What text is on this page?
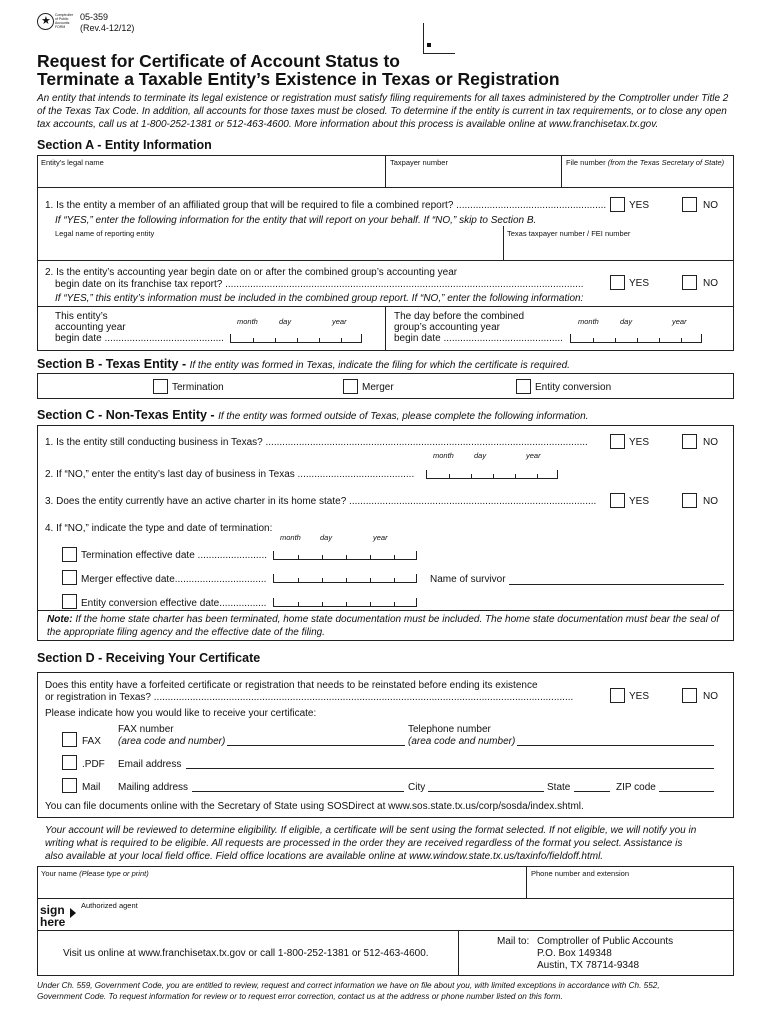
★ Comptroller of Public Accounts FORM
05-359
(Rev.4-12/12)
Request for Certificate of Account Status to
Terminate a Taxable Entity’s Existence in Texas or Registration
An entity that intends to terminate its legal existence or registration must satisfy filing requirements for all taxes administered by the Comptroller under Title 2
of the Texas Tax Code. In addition, all accounts for those taxes must be closed. To determine if the entity is current in tax requirements, or to close any open
tax accounts, call us at 1-800-252-1381 or 512-463-4600. More information about this process is available online at www.franchisetax.tx.gov.
Section A - Entity Information
Entity’s legal name	Taxpayer number	File number (from the Texas Secretary of State)
1. Is the entity a member of an affiliated group that will be required to file a combined report? ...................................................... YES	NO
If “YES,” enter the following information for the entity that will report on your behalf. If “NO,” skip to Section B.
Legal name of reporting entity	Texas taxpayer number / FEI number
2. Is the entity’s accounting year begin date on or after the combined group’s accounting year
begin date on its franchise tax report? .................................................................................................................................	YES	NO
If “YES,” this entity’s information must be included in the combined group report. If “NO,” enter the following information:
This entity’s
accounting year
begin date ...........................................
month	day	year	The day before the combined
group’s accounting year
begin date ...........................................
month	day	year
Section B - Texas Entity - If the entity was formed in Texas, indicate the filing for which the certificate is required.
Termination	Merger	Entity conversion
Section C - Non-Texas Entity - If the entity was formed outside of Texas, please complete the following information.
1. Is the entity still conducting business in Texas? ....................................................................................................................	YES	NO
month	day	year
2. If “NO,” enter the entity’s last day of business in Texas ..........................................
3. Does the entity currently have an active charter in its home state? .........................................................................................	YES	NO
4. If “NO,” indicate the type and date of termination:
month	day	year
Termination effective date .........................
Merger effective date.................................	Name of survivor
Entity conversion effective date.................
Note: If the home state charter has been terminated, home state documentation must be included. The home state documentation must bear the seal of
the appropriate filing agency and the effective date of the filing.
Section D - Receiving Your Certificate
Does this entity have a forfeited certificate or registration that needs to be reinstated before ending its existence
or registration in Texas? .......................................................................................................................................................	YES	NO
Please indicate how you would like to receive your certificate:
FAX number
FAX (area code and number)
Telephone number
(area code and number)
.PDF Email address
Mail Mailing address	City	State	ZIP code
You can file documents online with the Secretary of State using SOSDirect at www.sos.state.tx.us/corp/sosda/index.shtml.
Your account will be reviewed to determine eligibility. If eligible, a certificate will be sent using the format selected. If not eligible, we will notify you in
writing what is required to be eligible. All requests are processed in the order they are received regardless of the format you select. Assistance is
also available at your local field office. Field office locations are available online at www.window.state.tx.us/taxinfo/fieldoff.html.
Your name (Please type or print)	Phone number and extension
sign
here
Authorized agent
Visit us online at www.franchisetax.tx.gov or call 1-800-252-1381 or 512-463-4600.
Mail to: Comptroller of Public Accounts
P.O. Box 149348
Austin, TX 78714-9348
Under Ch. 559, Government Code, you are entitled to review, request and correct information we have on file about you, with limited exceptions in accordance with Ch. 552,
Government Code. To request information for review or to request error correction, contact us at the address or phone number listed on this form.
